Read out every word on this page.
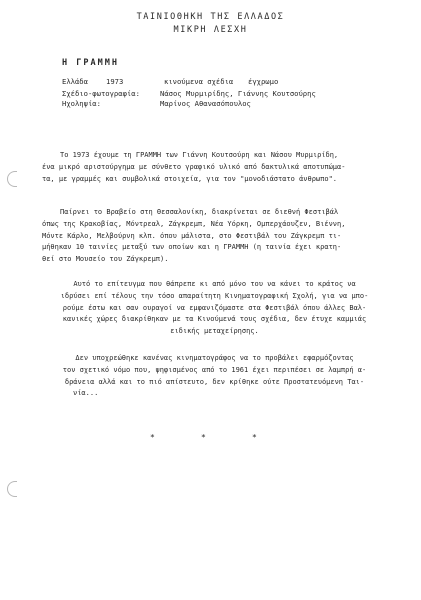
ΤΑΙΝΙΟΘΗΚΗ ΤΗΣ ΕΛΛΑΔΟΣ
ΜΙΚΡΗ ΛΕΣΧΗ
Η ΓΡΑΜΜΗ
Ελλάδα	1973	κινούμενα σχέδια έγχρωμο
Σχέδιο-φωτογραφία:	Νάσος Μυρμιρίδης, Γιάννης Κουτσούρης
Ηχοληψία:	Μαρίνος Αθανασόπουλος
Το 1973 έχουμε τη ΓΡΑΜΜΗ των Γιάννη Κουτσούρη και Νάσου Μυρμιρίδη,
ένα μικρό αριστούργημα με σύνθετο γραφικό υλικό από δακτυλικά αποτυπώμα-
τα, με γραμμές και συμβολικά στοιχεία, για τον "μονοδιάστατο άνθρωπο".
Παίρνει το Βραβείο στη Θεσσαλονίκη, διακρίνεται σε διεθνή Φεστιβάλ
όπως της Κρακοβίας, Μόντρεαλ, Ζάγκρεμπ, Νέα Υόρκη, Ομπερχάουζεν, Βιέννη,
Μόντε Κάρλο, Μελβούρνη κλπ. όπου μάλιστα, στο Φεστιβάλ του Ζάγκρεμπ τι-
μήθηκαν 10 ταινίες μεταξύ των οποίων και η ΓΡΑΜΜΗ (η ταινία έχει κρατη-
θεί στο Μουσείο του Ζάγκρεμπ).
Αυτό το επίτευγμα που θάπρεπε κι από μόνο του να κάνει το κράτος να
ιδρύσει επί τέλους την τόσο απαραίτητη Κινηματογραφική Σχολή, για να μπο-
ρούμε έστω και σαν ουραγοί να εμφανιζόμαστε στα Φεστιβάλ όπου άλλες Βαλ-
κανικές χώρες διακρίθηκαν με τα Κινούμενά τους σχέδια, δεν έτυχε καμμιάς
ειδικής μεταχείρησης.
Δεν υποχρεώθηκε κανένας κινηματογράφος να το προβάλει εφαρμόζοντας
τον σχετικό νόμο που, ψηφισμένος από το 1961 έχει περιπέσει σε λαμπρή α-
δράνεια αλλά και το πιό απίστευτο, δεν κρίθηκε ούτε Προστατευόμενη Ται-
νία...
*	*	*
